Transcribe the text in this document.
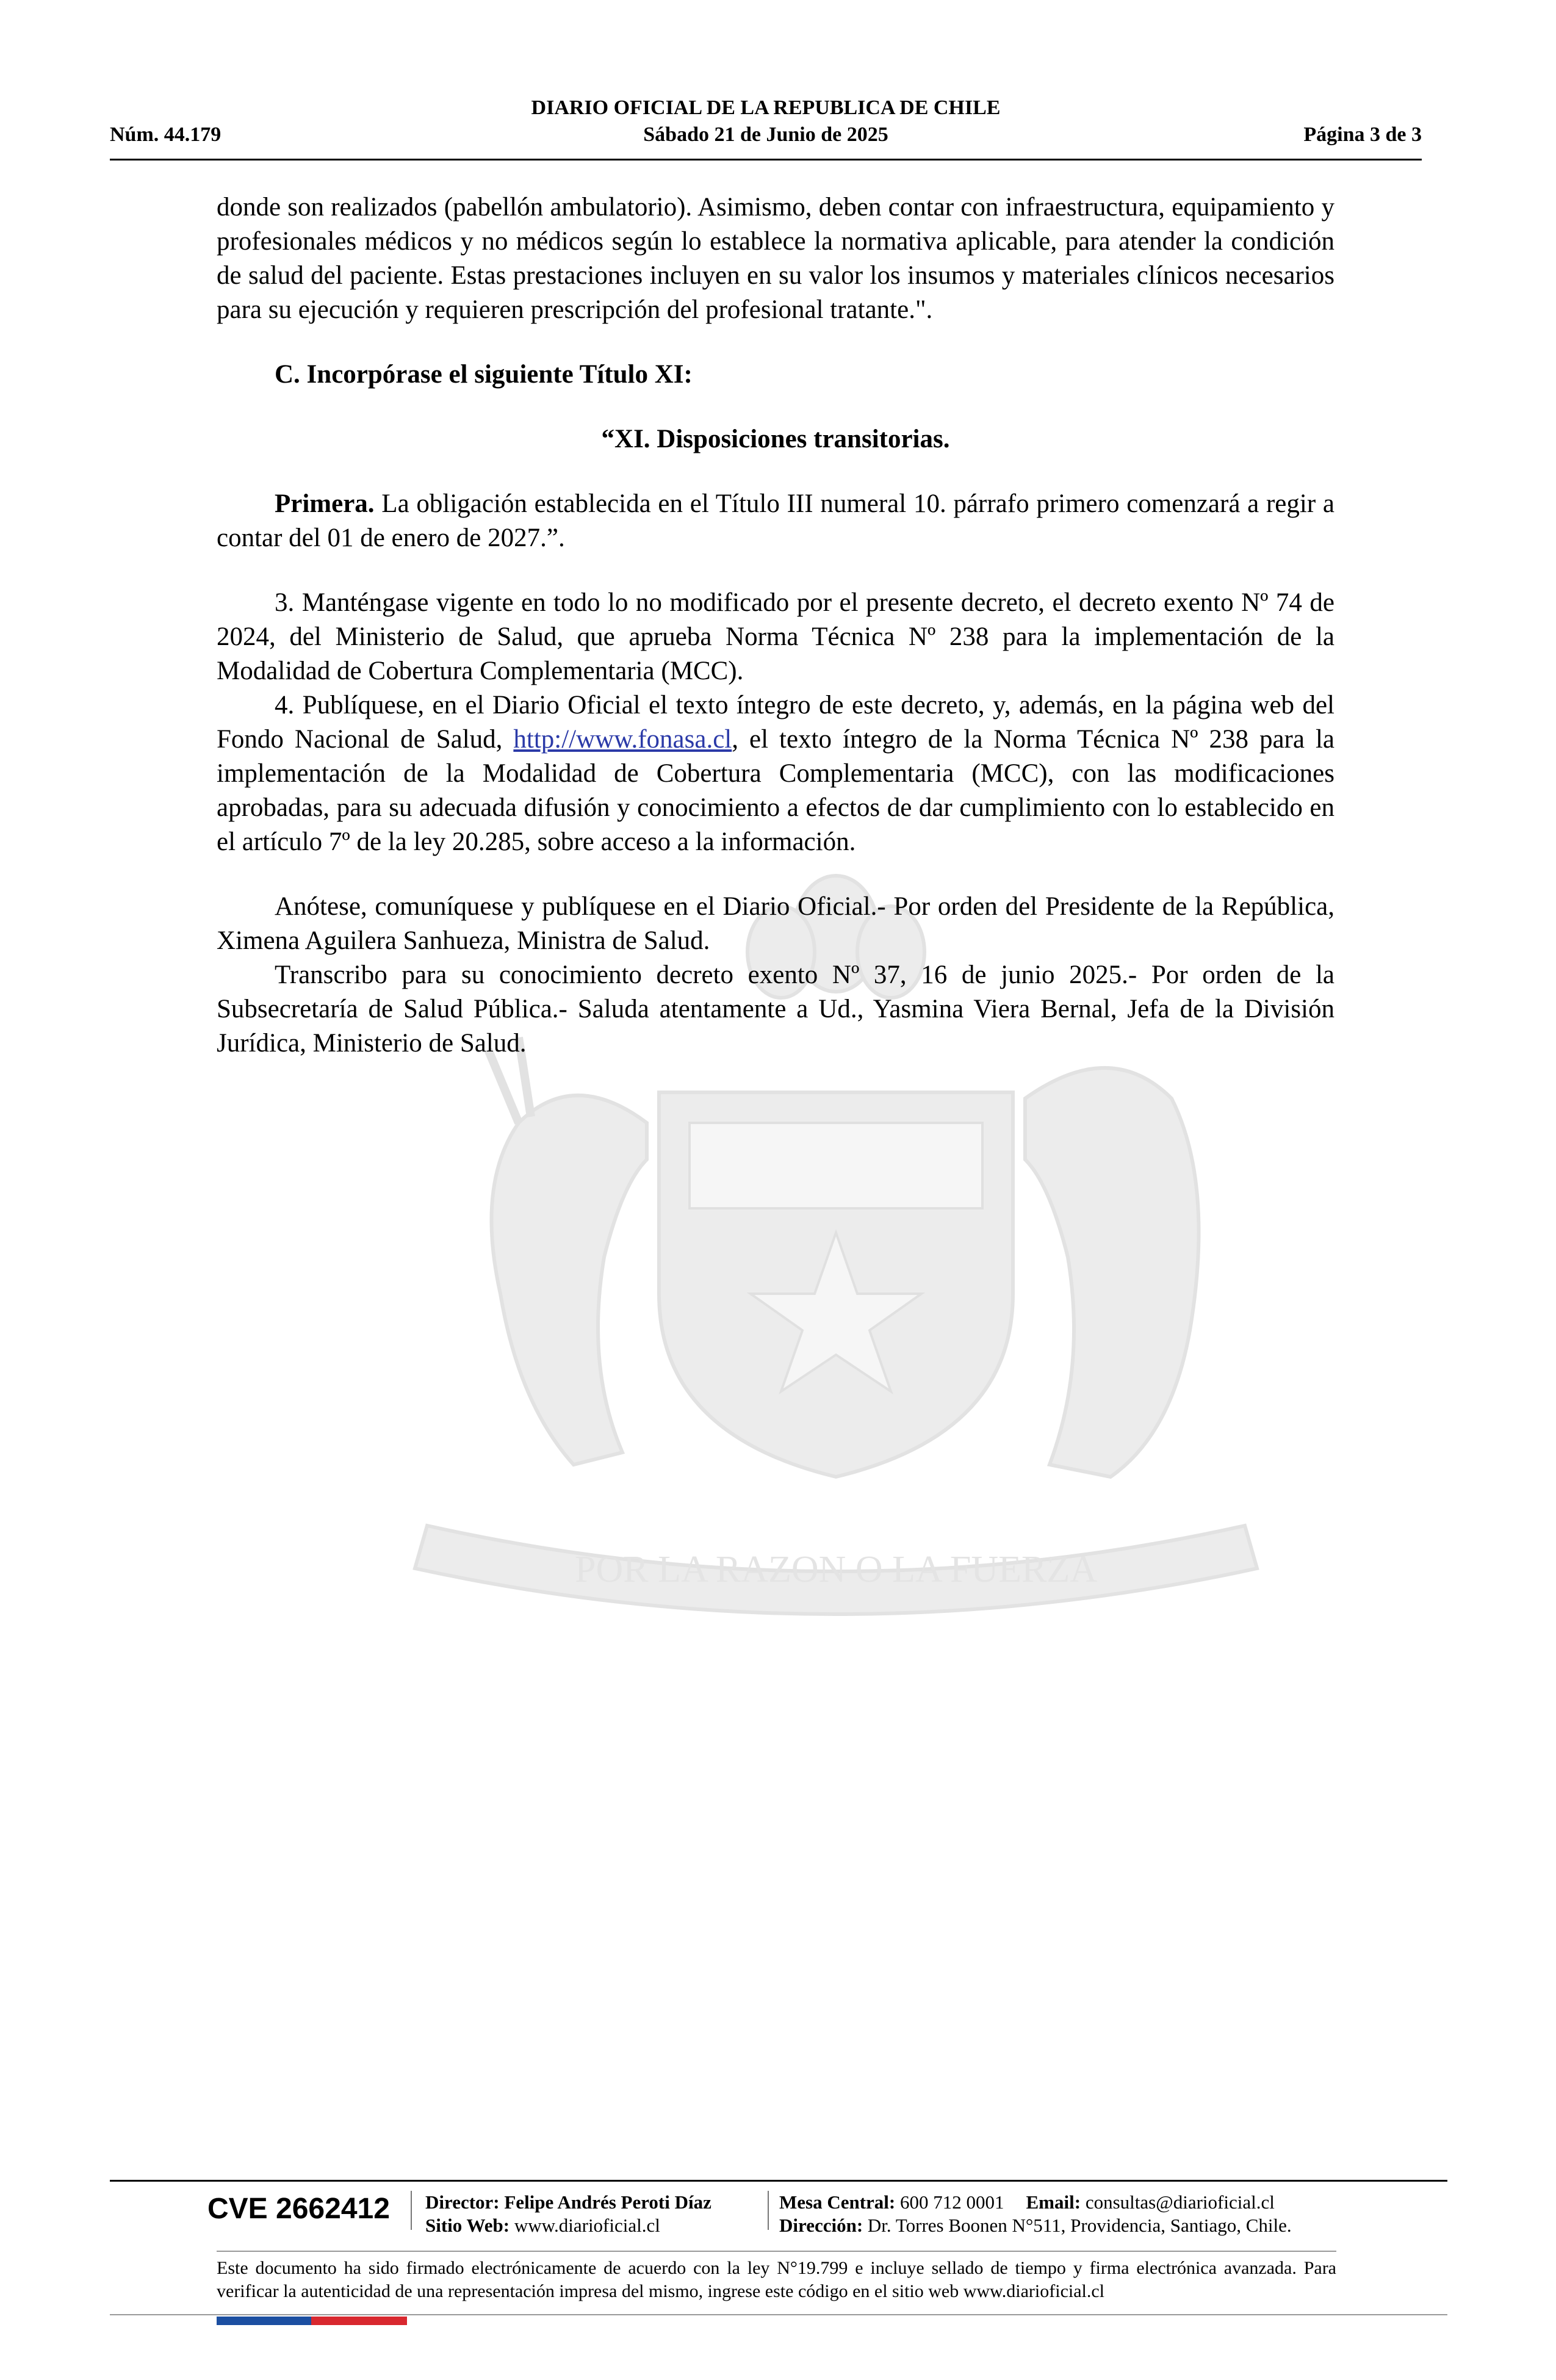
DIARIO OFICIAL DE LA REPUBLICA DE CHILE
Núm. 44.179	Sábado 21 de Junio de 2025	Página 3 de 3
POR LA RAZON O LA FUERZA

donde son realizados (pabellón ambulatorio). Asimismo, deben contar con infraestructura, equipamiento y profesionales médicos y no médicos según lo establece la normativa aplicable, para atender la condición de salud del paciente. Estas prestaciones incluyen en su valor los insumos y materiales clínicos necesarios para su ejecución y requieren prescripción del profesional tratante.".

C. Incorpórase el siguiente Título XI:

“XI. Disposiciones transitorias.

Primera. La obligación establecida en el Título III numeral 10. párrafo primero comenzará a regir a contar del 01 de enero de 2027.”.

3. Manténgase vigente en todo lo no modificado por el presente decreto, el decreto exento Nº 74 de 2024, del Ministerio de Salud, que aprueba Norma Técnica Nº 238 para la implementación de la Modalidad de Cobertura Complementaria (MCC).

4. Publíquese, en el Diario Oficial el texto íntegro de este decreto, y, además, en la página web del Fondo Nacional de Salud, http://www.fonasa.cl, el texto íntegro de la Norma Técnica Nº 238 para la implementación de la Modalidad de Cobertura Complementaria (MCC), con las modificaciones aprobadas, para su adecuada difusión y conocimiento a efectos de dar cumplimiento con lo establecido en el artículo 7º de la ley 20.285, sobre acceso a la información.

Anótese, comuníquese y publíquese en el Diario Oficial.- Por orden del Presidente de la República, Ximena Aguilera Sanhueza, Ministra de Salud.

Transcribo para su conocimiento decreto exento Nº 37, 16 de junio 2025.- Por orden de la Subsecretaría de Salud Pública.- Saluda atentamente a Ud., Yasmina Viera Bernal, Jefa de la División Jurídica, Ministerio de Salud.

CVE 2662412 Director: Felipe Andrés Peroti Díaz
Sitio Web: www.diarioficial.cl
Mesa Central: 600 712 0001 Email: consultas@diarioficial.cl
Dirección: Dr. Torres Boonen N°511, Providencia, Santiago, Chile.
Este documento ha sido firmado electrónicamente de acuerdo con la ley N°19.799 e incluye sellado de tiempo y firma electrónica avanzada. Para verificar la autenticidad de una representación impresa del mismo, ingrese este código en el sitio web www.diarioficial.cl
